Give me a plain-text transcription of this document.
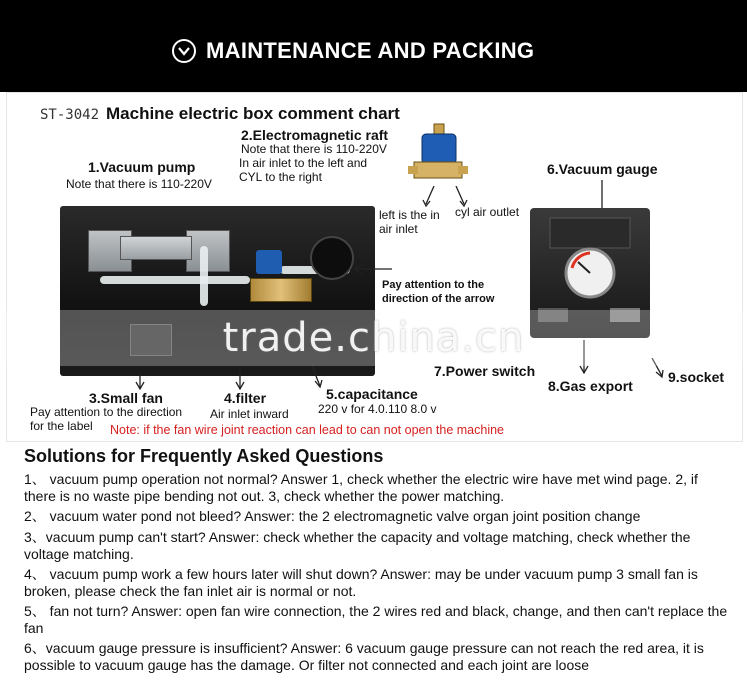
MAINTENANCE AND PACKING
ST-3042 Machine electric box comment chart
1.Vacuum pump
Note that there is 110-220V
2.Electromagnetic raft
Note that there is 110-220V
In air inlet to the left and
CYL to the right
left is the in
air inlet
cyl air outlet
6.Vacuum gauge
Pay attention to the
direction of the arrow
trade.china.cn
3.Small fan
Pay attention to the direction
for the label
4.filter
Air inlet inward
5.capacitance
220 v for 4.0.110 8.0 v
7.Power switch
8.Gas export
9.socket
Note: if the fan wire joint reaction can lead to can not open the machine
Solutions for Frequently Asked Questions
1、 vacuum pump operation not normal? Answer 1, check whether the electric wire have met wind page. 2, if there is no waste pipe bending not out. 3, check whether the power matching.
2、 vacuum water pond not bleed? Answer: the 2 electromagnetic valve organ joint position change
3、vacuum pump can't start? Answer: check whether the capacity and voltage matching, check whether the voltage matching.
4、 vacuum pump work a few hours later will shut down? Answer: may be under vacuum pump 3 small fan is broken, please check the fan inlet air is normal or not.
5、 fan not turn? Answer: open fan wire connection, the 2 wires red and black, change, and then can't replace the fan
6、vacuum gauge pressure is insufficient? Answer: 6 vacuum gauge pressure can not reach the red area, it is possible to vacuum gauge has the damage. Or filter not connected and each joint are loose
